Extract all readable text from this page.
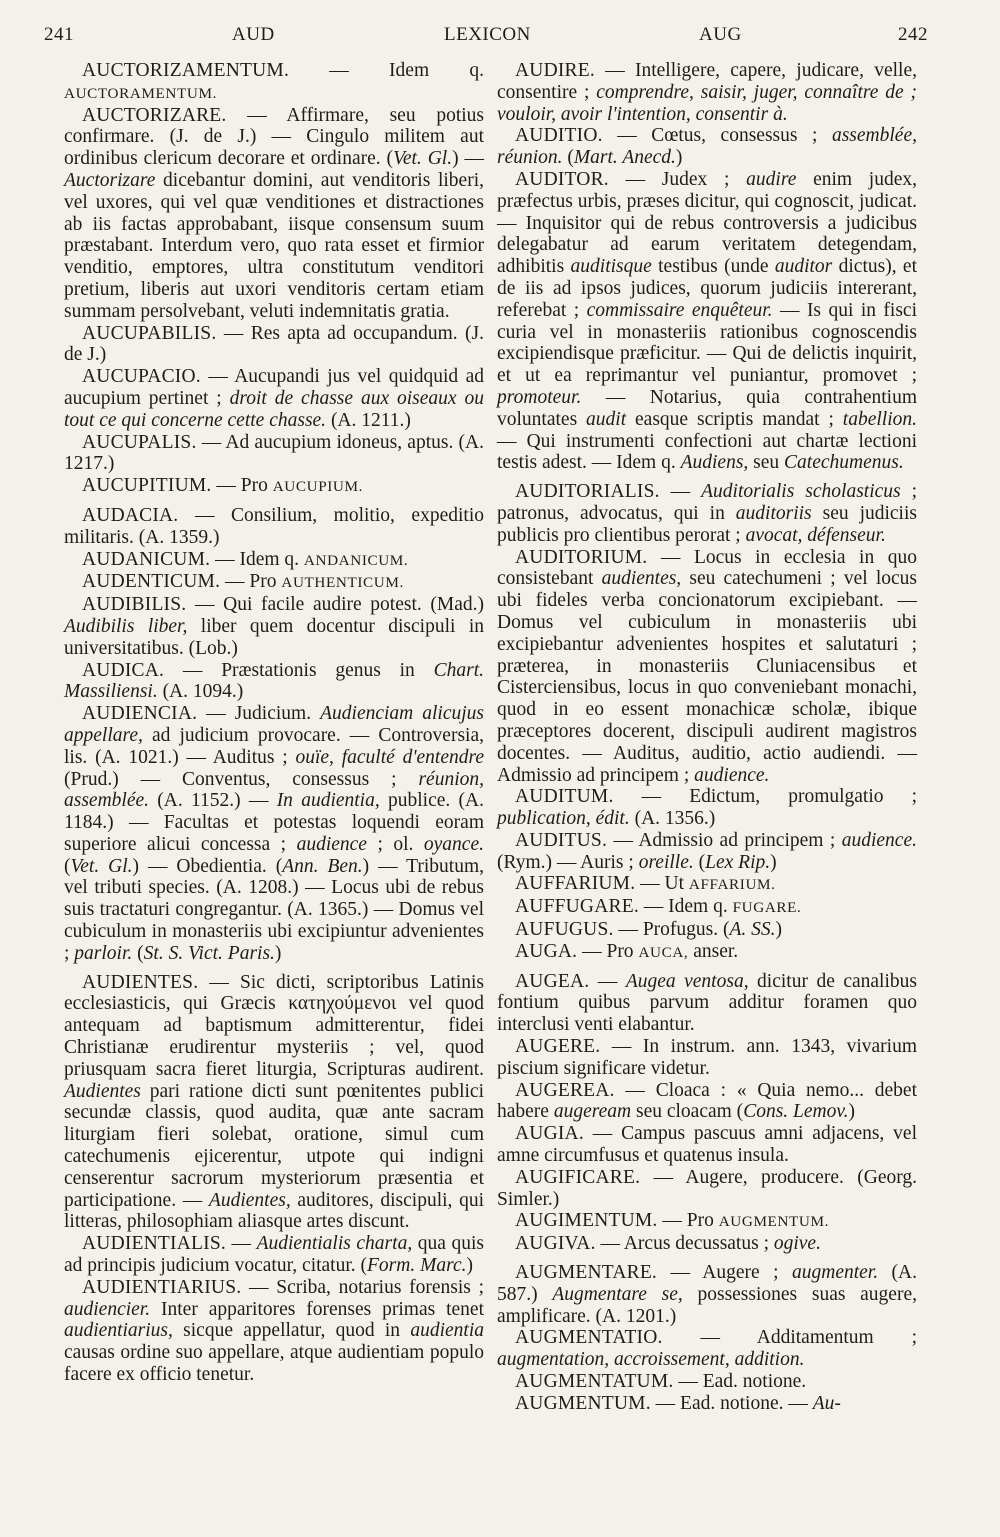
241	AUD	LEXICON	AUG	242

AUCTORIZAMENTUM. — Idem q. AUCTORAMENTUM.

AUCTORIZARE. — Affirmare, seu potius confirmare. (J. de J.) — Cingulo militem aut ordinibus clericum decorare et ordinare. (Vet. Gl.) — Auctorizare dicebantur domini, aut venditoris liberi, vel uxores, qui vel quæ venditiones et distractiones ab iis factas approbabant, iisque consensum suum præstabant. Interdum vero, quo rata esset et firmior venditio, emptores, ultra constitutum venditori pretium, liberis aut uxori venditoris certam etiam summam persolvebant, veluti indemnitatis gratia.

AUCUPABILIS. — Res apta ad occupandum. (J. de J.)

AUCUPACIO. — Aucupandi jus vel quidquid ad aucupium pertinet ; droit de chasse aux oiseaux ou tout ce qui concerne cette chasse. (A. 1211.)

AUCUPALIS. — Ad aucupium idoneus, aptus. (A. 1217.)

AUCUPITIUM. — Pro AUCUPIUM.

AUDACIA. — Consilium, molitio, expeditio militaris. (A. 1359.)

AUDANICUM. — Idem q. ANDANICUM.

AUDENTICUM. — Pro AUTHENTICUM.

AUDIBILIS. — Qui facile audire potest. (Mad.) Audibilis liber, liber quem docentur discipuli in universitatibus. (Lob.)

AUDICA. — Præstationis genus in Chart. Massiliensi. (A. 1094.)

AUDIENCIA. — Judicium. Audienciam alicujus appellare, ad judicium provocare. — Controversia, lis. (A. 1021.) — Auditus ; ouïe, faculté d'entendre (Prud.) — Conventus, consessus ; réunion, assemblée. (A. 1152.) — In audientia, publice. (A. 1184.) — Facultas et potestas loquendi eoram superiore alicui concessa ; audience ; ol. oyance. (Vet. Gl.) — Obedientia. (Ann. Ben.) — Tributum, vel tributi species. (A. 1208.) — Locus ubi de rebus suis tractaturi congregantur. (A. 1365.) — Domus vel cubiculum in monasteriis ubi excipiuntur advenientes ; parloir. (St. S. Vict. Paris.)

AUDIENTES. — Sic dicti, scriptoribus Latinis ecclesiasticis, qui Græcis κατηχούμενοι vel quod antequam ad baptismum admitterentur, fidei Christianæ erudirentur mysteriis ; vel, quod priusquam sacra fieret liturgia, Scripturas audirent. Audientes pari ratione dicti sunt pœnitentes publici secundæ classis, quod audita, quæ ante sacram liturgiam fieri solebat, oratione, simul cum catechumenis ejicerentur, utpote qui indigni censerentur sacrorum mysteriorum præsentia et participatione. — Audientes, auditores, discipuli, qui litteras, philosophiam aliasque artes discunt.

AUDIENTIALIS. — Audientialis charta, qua quis ad principis judicium vocatur, citatur. (Form. Marc.)

AUDIENTIARIUS. — Scriba, notarius forensis ; audiencier. Inter apparitores forenses primas tenet audientiarius, sicque appellatur, quod in audientia causas ordine suo appellare, atque audientiam populo facere ex officio tenetur.

AUDIRE. — Intelligere, capere, judicare, velle, consentire ; comprendre, saisir, juger, connaître de ; vouloir, avoir l'intention, consentir à.

AUDITIO. — Cœtus, consessus ; assemblée, réunion. (Mart. Anecd.)

AUDITOR. — Judex ; audire enim judex, præfectus urbis, præses dicitur, qui cognoscit, judicat. — Inquisitor qui de rebus controversis a judicibus delegabatur ad earum veritatem detegendam, adhibitis auditisque testibus (unde auditor dictus), et de iis ad ipsos judices, quorum judiciis intererant, referebat ; commissaire enquêteur. — Is qui in fisci curia vel in monasteriis rationibus cognoscendis excipiendisque præficitur. — Qui de delictis inquirit, et ut ea reprimantur vel puniantur, promovet ; promoteur. — Notarius, quia contrahentium voluntates audit easque scriptis mandat ; tabellion. — Qui instrumenti confectioni aut chartæ lectioni testis adest. — Idem q. Audiens, seu Catechumenus.

AUDITORIALIS. — Auditorialis scholasticus ; patronus, advocatus, qui in auditoriis seu judiciis publicis pro clientibus perorat ; avocat, défenseur.

AUDITORIUM. — Locus in ecclesia in quo consistebant audientes, seu catechumeni ; vel locus ubi fideles verba concionatorum excipiebant. — Domus vel cubiculum in monasteriis ubi excipiebantur advenientes hospites et salutaturi ; præterea, in monasteriis Cluniacensibus et Cisterciensibus, locus in quo conveniebant monachi, quod in eo essent monachicæ scholæ, ibique præceptores docerent, discipuli audirent magistros docentes. — Auditus, auditio, actio audiendi. — Admissio ad principem ; audience.

AUDITUM. — Edictum, promulgatio ; publication, édit. (A. 1356.)

AUDITUS. — Admissio ad principem ; audience. (Rym.) — Auris ; oreille. (Lex Rip.)

AUFFARIUM. — Ut AFFARIUM.

AUFFUGARE. — Idem q. FUGARE.

AUFUGUS. — Profugus. (A. SS.)

AUGA. — Pro AUCA, anser.

AUGEA. — Augea ventosa, dicitur de canalibus fontium quibus parvum additur foramen quo interclusi venti elabantur.

AUGERE. — In instrum. ann. 1343, vivarium piscium significare videtur.

AUGEREA. — Cloaca : « Quia nemo... debet habere augeream seu cloacam (Cons. Lemov.)

AUGIA. — Campus pascuus amni adjacens, vel amne circumfusus et quatenus insula.

AUGIFICARE. — Augere, producere. (Georg. Simler.)

AUGIMENTUM. — Pro AUGMENTUM.

AUGIVA. — Arcus decussatus ; ogive.

AUGMENTARE. — Augere ; augmenter. (A. 587.) Augmentare se, possessiones suas augere, amplificare. (A. 1201.)

AUGMENTATIO. — Additamentum ; augmentation, accroissement, addition.

AUGMENTATUM. — Ead. notione.

AUGMENTUM. — Ead. notione. — Au-
